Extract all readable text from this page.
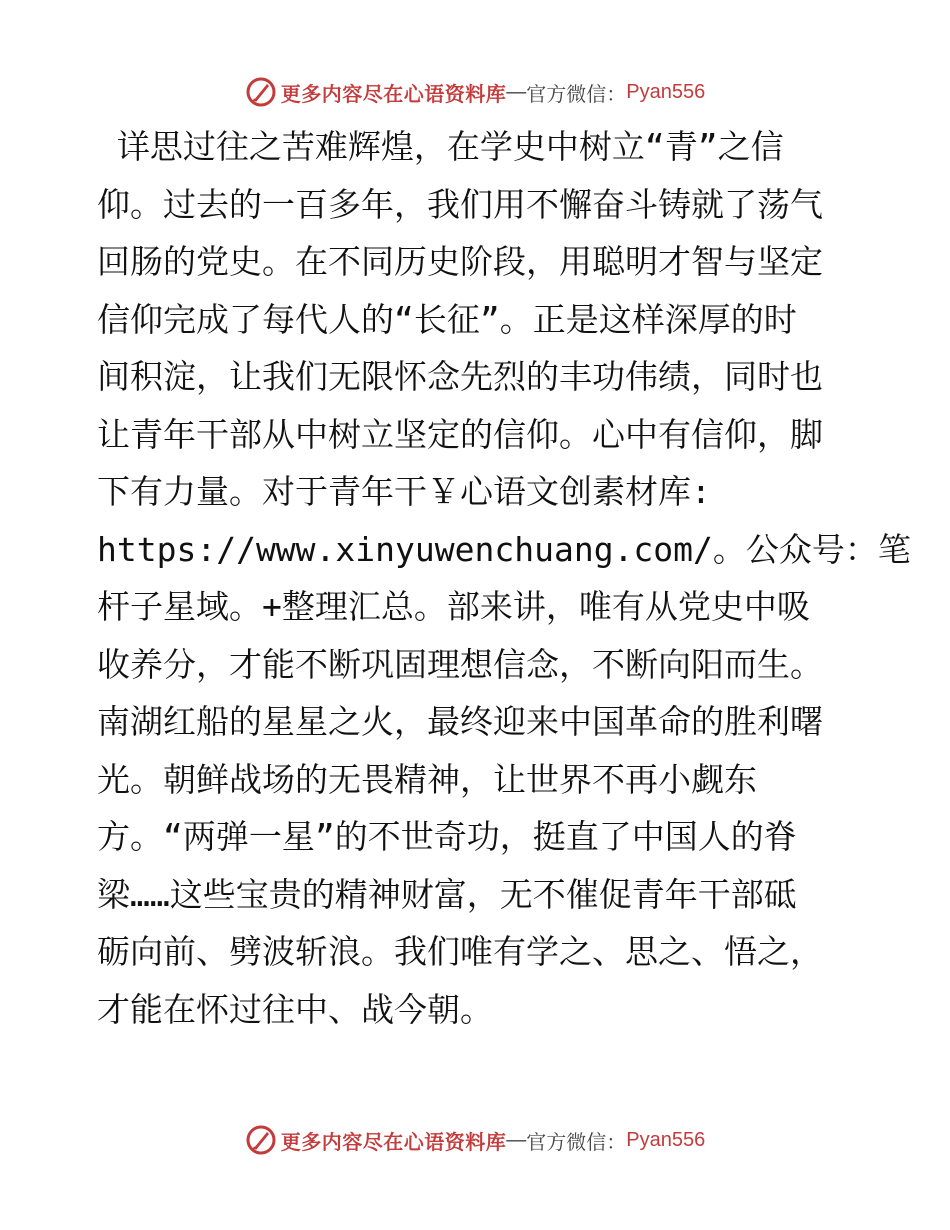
更多内容尽在心语资料库 — 官方微信： Pyan556
详思过往之苦难辉煌，在学史中树立“青”之信
仰。过去的一百多年，我们用不懈奋斗铸就了荡气
回肠的党史。在不同历史阶段，用聪明才智与坚定
信仰完成了每代人的“长征”。正是这样深厚的时
间积淀，让我们无限怀念先烈的丰功伟绩，同时也
让青年干部从中树立坚定的信仰。心中有信仰，脚
下有力量。对于青年干￥心语文创素材库:
https://www.xinyuwenchuang.com/。公众号：笔
杆子星域。+整理汇总。部来讲，唯有从党史中吸
收养分，才能不断巩固理想信念，不断向阳而生。
南湖红船的星星之火，最终迎来中国革命的胜利曙
光。朝鲜战场的无畏精神，让世界不再小觑东
方。“两弹一星”的不世奇功，挺直了中国人的脊
梁……这些宝贵的精神财富，无不催促青年干部砥
砺向前、劈波斩浪。我们唯有学之、思之、悟之，
才能在怀过往中、战今朝。
更多内容尽在心语资料库 — 官方微信： Pyan556
